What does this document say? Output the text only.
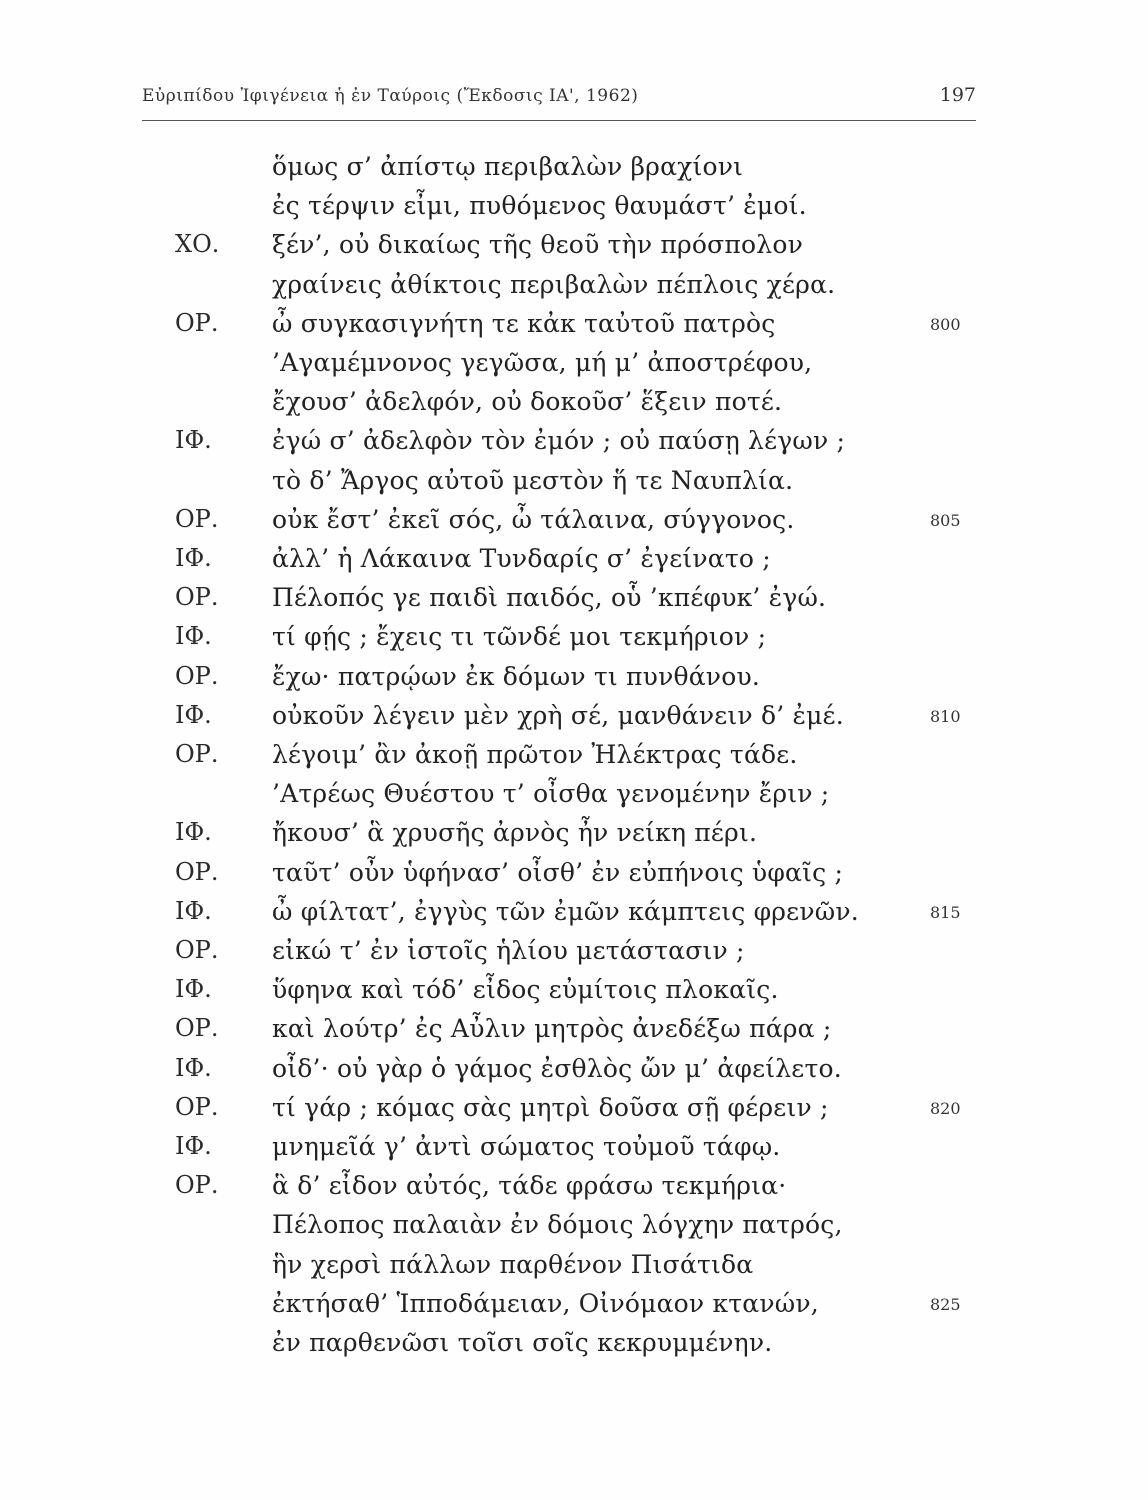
Εὐριπίδου Ἰφιγένεια ἡ ἐν Ταύροις (Ἔκδοσις ΙΑ', 1962)	197
ὅμως σ’ ἀπίστῳ περιβαλὼν βραχίονι
ἐς τέρψιν εἶμι, πυθόμενος θαυμάστ’ ἐμοί.
ΧΟ. ξέν’, οὐ δικαίως τῆς θεοῦ τὴν πρόσπολον
χραίνεις ἀθίκτοις περιβαλὼν πέπλοις χέρα.
ΟΡ. ὦ συγκασιγνήτη τε κἀκ ταὐτοῦ πατρὸς	800
’Αγαμέμνονος γεγῶσα, μή μ’ ἀποστρέφου,
ἔχουσ’ ἀδελφόν, οὐ δοκοῦσ’ ἕξειν ποτέ.
ΙΦ. ἐγώ σ’ ἀδελφὸν τὸν ἐμόν ; οὐ παύσῃ λέγων ;
τὸ δ’ Ἄργος αὐτοῦ μεστὸν ἥ τε Ναυπλία.
ΟΡ. οὐκ ἔστ’ ἐκεῖ σός, ὦ τάλαινα, σύγγονος.	805
ΙΦ. ἀλλ’ ἡ Λάκαινα Τυνδαρίς σ’ ἐγείνατο ;
ΟΡ. Πέλοπός γε παιδὶ παιδός, οὗ ’κπέφυκ’ ἐγώ.
ΙΦ. τί φῄς ; ἔχεις τι τῶνδέ μοι τεκμήριον ;
ΟΡ. ἔχω· πατρῴων ἐκ δόμων τι πυνθάνου.
ΙΦ. οὐκοῦν λέγειν μὲν χρὴ σέ, μανθάνειν δ’ ἐμέ.	810
ΟΡ. λέγοιμ’ ἂν ἀκοῇ πρῶτον Ἠλέκτρας τάδε.
’Ατρέως Θυέστου τ’ οἶσθα γενομένην ἔριν ;
ΙΦ. ἤκουσ’ ἃ χρυσῆς ἀρνὸς ἦν νείκη πέρι.
ΟΡ. ταῦτ’ οὖν ὑφήνασ’ οἶσθ’ ἐν εὐπήνοις ὑφαῖς ;
ΙΦ. ὦ φίλτατ’, ἐγγὺς τῶν ἐμῶν κάμπτεις φρενῶν.	815
ΟΡ. εἰκώ τ’ ἐν ἱστοῖς ἡλίου μετάστασιν ;
ΙΦ. ὕφηνα καὶ τόδ’ εἶδος εὐμίτοις πλοκαῖς.
ΟΡ. καὶ λούτρ’ ἐς Αὖλιν μητρὸς ἀνεδέξω πάρα ;
ΙΦ. οἶδ’· οὐ γὰρ ὁ γάμος ἐσθλὸς ὤν μ’ ἀφείλετο.
ΟΡ. τί γάρ ; κόμας σὰς μητρὶ δοῦσα σῇ φέρειν ;	820
ΙΦ. μνημεῖά γ’ ἀντὶ σώματος τοὐμοῦ τάφῳ.
ΟΡ. ἃ δ’ εἶδον αὐτός, τάδε φράσω τεκμήρια·
Πέλοπος παλαιὰν ἐν δόμοις λόγχην πατρός,
ἣν χερσὶ πάλλων παρθένον Πισάτιδα
ἐκτήσαθ’ Ἱπποδάμειαν, Οἰνόμαον κτανών,	825
ἐν παρθενῶσι τοῖσι σοῖς κεκρυμμένην.
